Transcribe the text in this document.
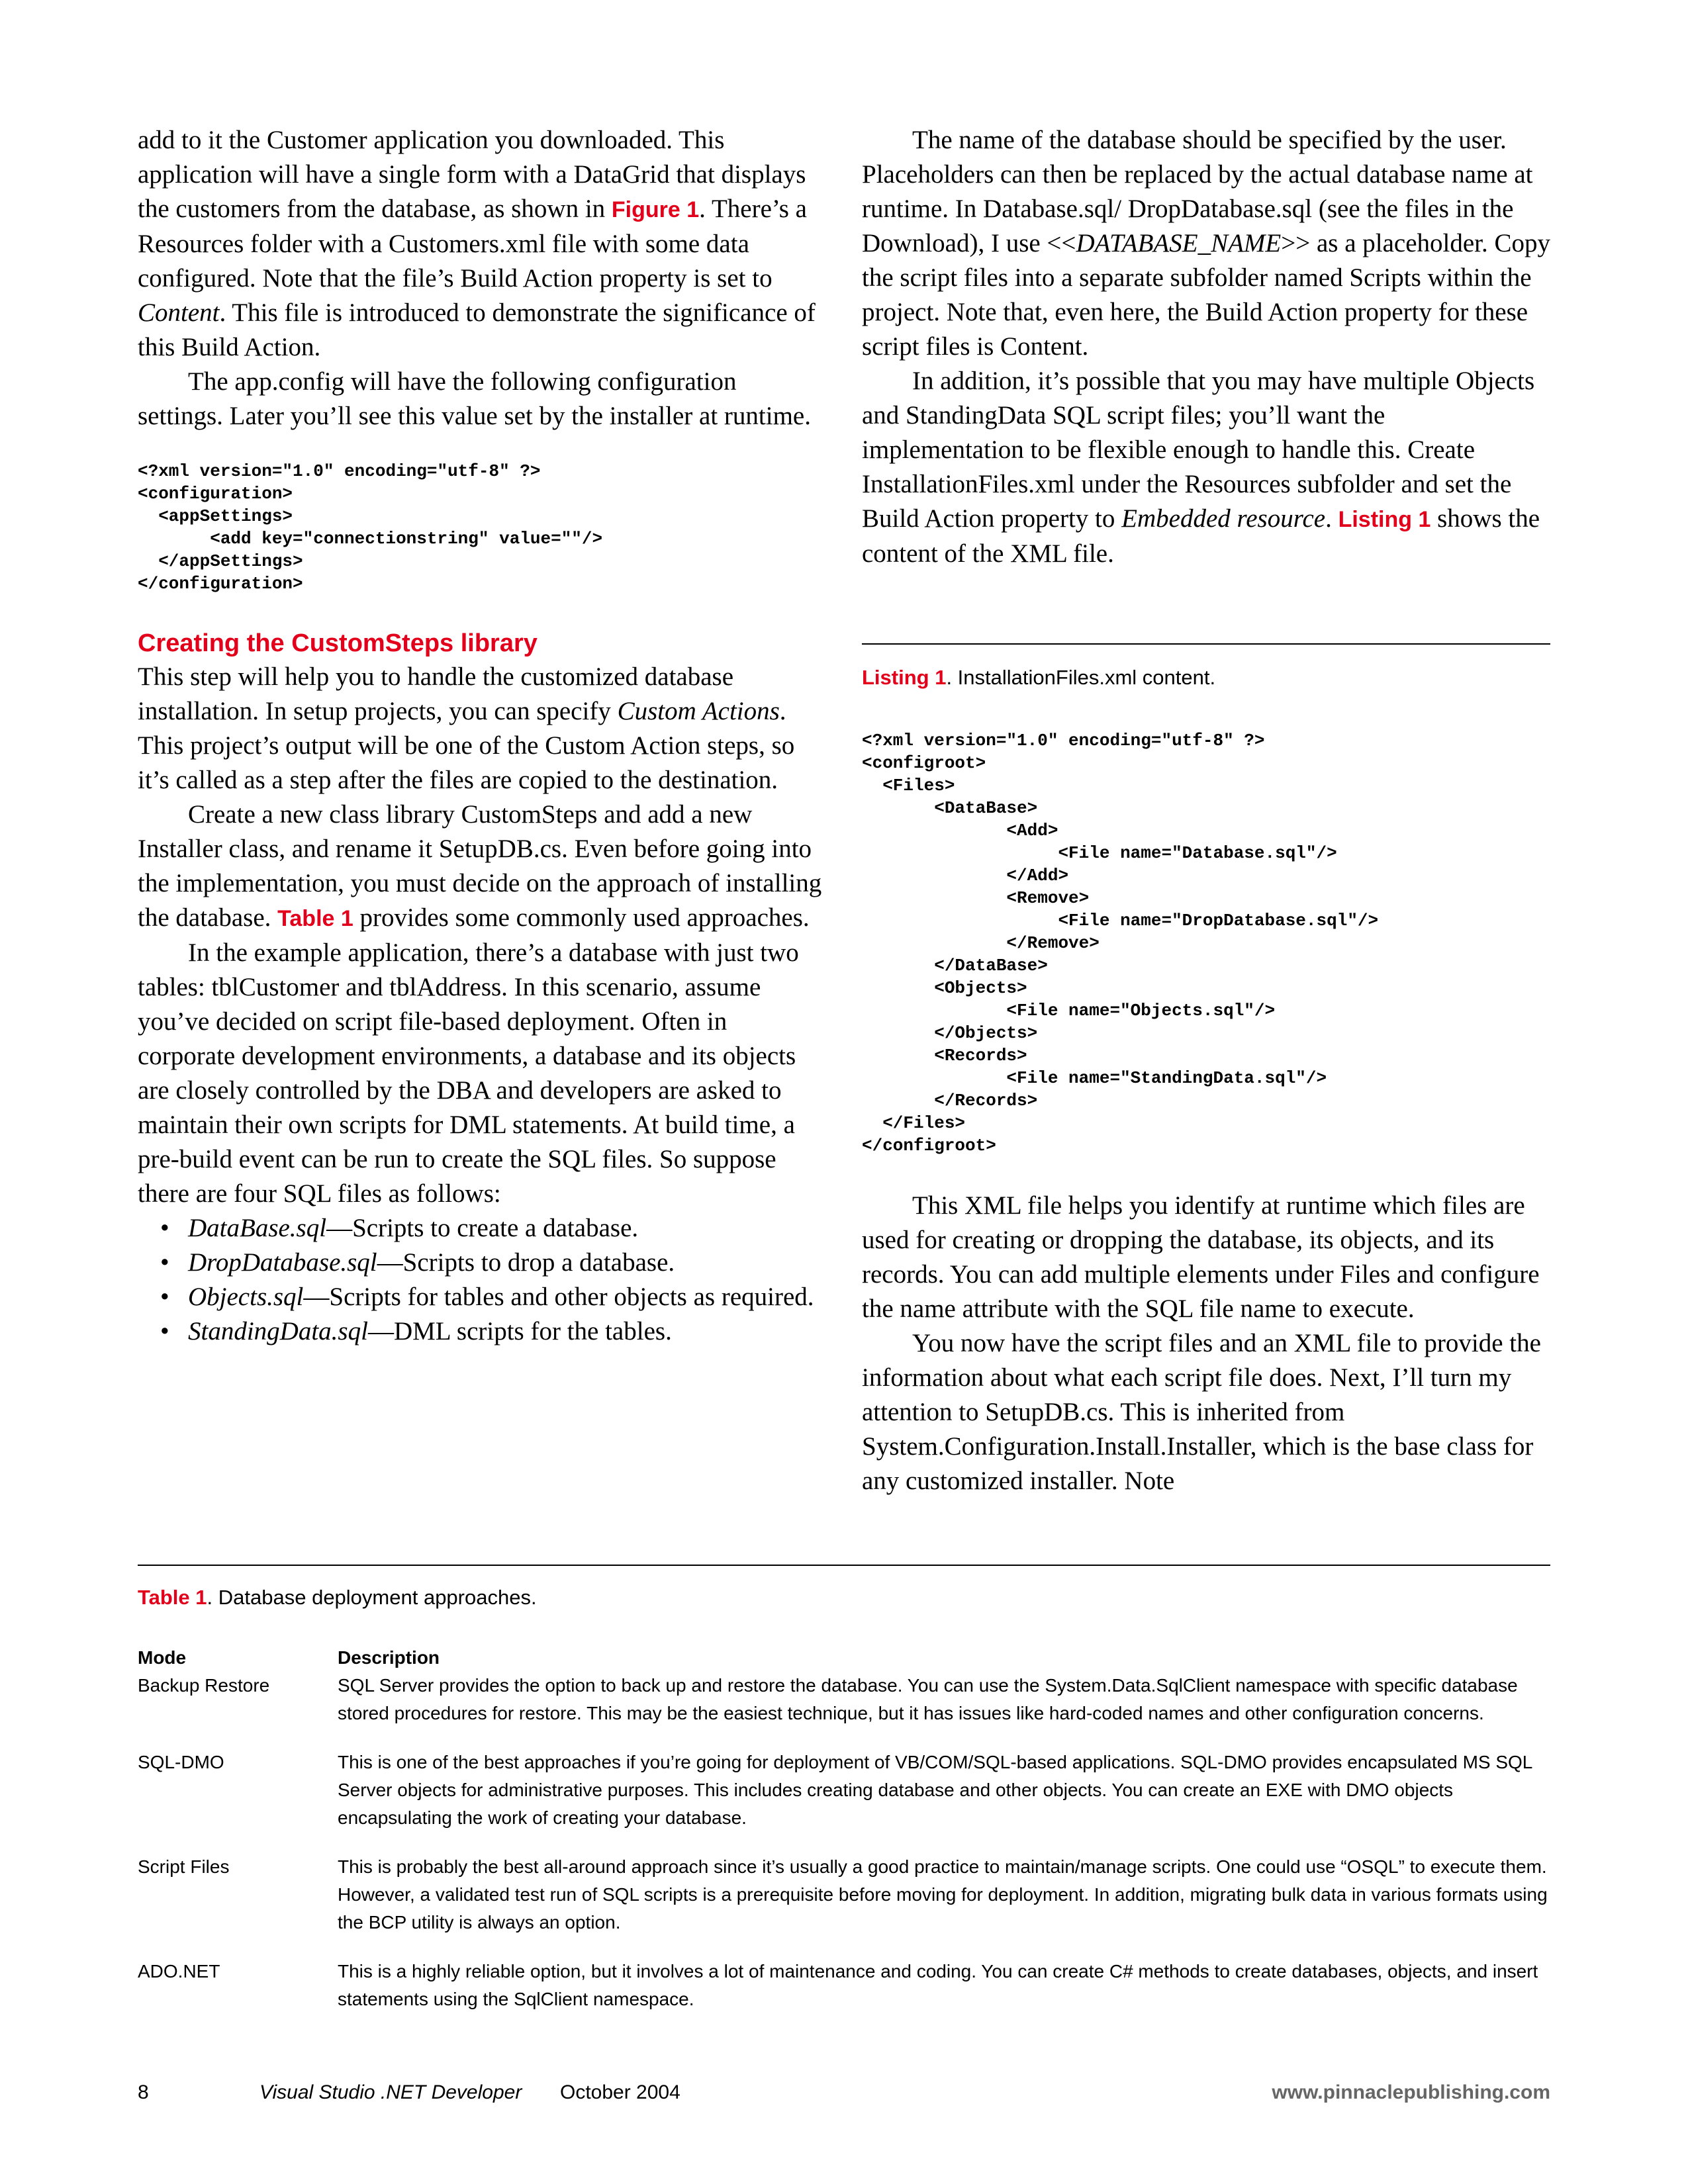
add to it the Customer application you downloaded. This application will have a single form with a DataGrid that displays the customers from the database, as shown in Figure 1. There’s a Resources folder with a Customers.xml file with some data configured. Note that the file’s Build Action property is set to Content. This file is introduced to demonstrate the significance of this Build Action.

The app.config will have the following configuration settings. Later you’ll see this value set by the installer at runtime.

<?xml version="1.0" encoding="utf-8" ?>
<configuration>
<appSettings>
<add key="connectionstring" value=""/>
</appSettings>
</configuration>
Creating the CustomSteps library

This step will help you to handle the customized database installation. In setup projects, you can specify Custom Actions. This project’s output will be one of the Custom Action steps, so it’s called as a step after the files are copied to the destination.

Create a new class library CustomSteps and add a new Installer class, and rename it SetupDB.cs. Even before going into the implementation, you must decide on the approach of installing the database. Table 1 provides some commonly used approaches.

In the example application, there’s a database with just two tables: tblCustomer and tblAddress. In this scenario, assume you’ve decided on script file-based deployment. Often in corporate development environments, a database and its objects are closely controlled by the DBA and developers are asked to maintain their own scripts for DML statements. At build time, a pre-build event can be run to create the SQL files. So suppose there are four SQL files as follows:

• DataBase.sql—Scripts to create a database.
• DropDatabase.sql—Scripts to drop a database.
• Objects.sql—Scripts for tables and other objects as required.
• StandingData.sql—DML scripts for the tables.

The name of the database should be specified by the user. Placeholders can then be replaced by the actual database name at runtime. In Database.sql/ DropDatabase.sql (see the files in the Download), I use <<DATABASE_NAME>> as a placeholder. Copy the script files into a separate subfolder named Scripts within the project. Note that, even here, the Build Action property for these script files is Content.

In addition, it’s possible that you may have multiple Objects and StandingData SQL script files; you’ll want the implementation to be flexible enough to handle this. Create InstallationFiles.xml under the Resources subfolder and set the Build Action property to Embedded resource. Listing 1 shows the content of the XML file.

Listing 1. InstallationFiles.xml content.
<?xml version="1.0" encoding="utf-8" ?>
<configroot>
<Files>
<DataBase>
<Add>
<File name="Database.sql"/>
</Add>
<Remove>
<File name="DropDatabase.sql"/>
</Remove>
</DataBase>
<Objects>
<File name="Objects.sql"/>
</Objects>
<Records>
<File name="StandingData.sql"/>
</Records>
</Files>
</configroot>

This XML file helps you identify at runtime which files are used for creating or dropping the database, its objects, and its records. You can add multiple elements under Files and configure the name attribute with the SQL file name to execute.

You now have the script files and an XML file to provide the information about what each script file does. Next, I’ll turn my attention to SetupDB.cs. This is inherited from System.Configuration.Install.Installer, which is the base class for any customized installer. Note

Table 1. Database deployment approaches.
Mode	Description
Backup Restore	SQL Server provides the option to back up and restore the database. You can use the System.Data.SqlClient namespace with specific database stored procedures for restore. This may be the easiest technique, but it has issues like hard-coded names and other configuration concerns.
SQL-DMO	This is one of the best approaches if you’re going for deployment of VB/COM/SQL-based applications. SQL-DMO provides encapsulated MS SQL Server objects for administrative purposes. This includes creating database and other objects. You can create an EXE with DMO objects encapsulating the work of creating your database.
Script Files	This is probably the best all-around approach since it’s usually a good practice to maintain/manage scripts. One could use “OSQL” to execute them. However, a validated test run of SQL scripts is a prerequisite before moving for deployment. In addition, migrating bulk data in various formats using the BCP utility is always an option.
ADO.NET	This is a highly reliable option, but it involves a lot of maintenance and coding. You can create C# methods to create databases, objects, and insert statements using the SqlClient namespace.
8	Visual Studio .NET Developer October 2004	www.pinnaclepublishing.com
